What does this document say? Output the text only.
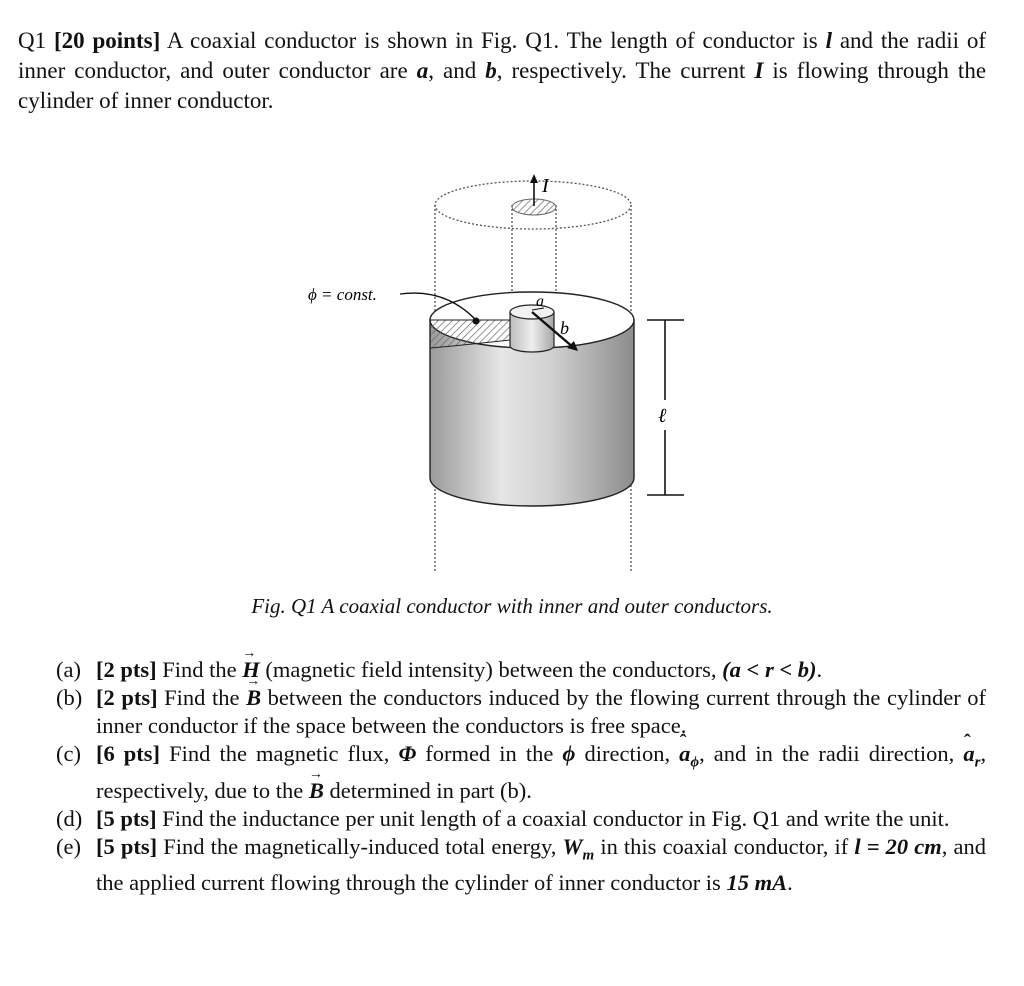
Q1 [20 points] A coaxial conductor is shown in Fig. Q1. The length of conductor is l and the radii of inner conductor, and outer conductor are a, and b, respectively. The current I is flowing through the cylinder of inner conductor.
I
b
a
ϕ = const.
ℓ
Fig. Q1 A coaxial conductor with inner and outer conductors.
(a) [2 pts] Find the → H (magnetic field intensity) between the conductors, (a < r < b).
(b) [2 pts] Find the → B between the conductors induced by the flowing current through the cylinder of inner conductor if the space between the conductors is free space.
(c) [6 pts] Find the magnetic flux, Φ formed in the ϕ direction, ̂ $a_\phi$, and in the radii direction, ̂ $a_r$, respectively, due to the → B determined in part (b).
(d) [5 pts] Find the inductance per unit length of a coaxial conductor in Fig. Q1 and write the unit.
(e) [5 pts] Find the magnetically-induced total energy, $W_m$ in this coaxial conductor, if l = 20 cm, and the applied current flowing through the cylinder of inner conductor is 15 mA.
